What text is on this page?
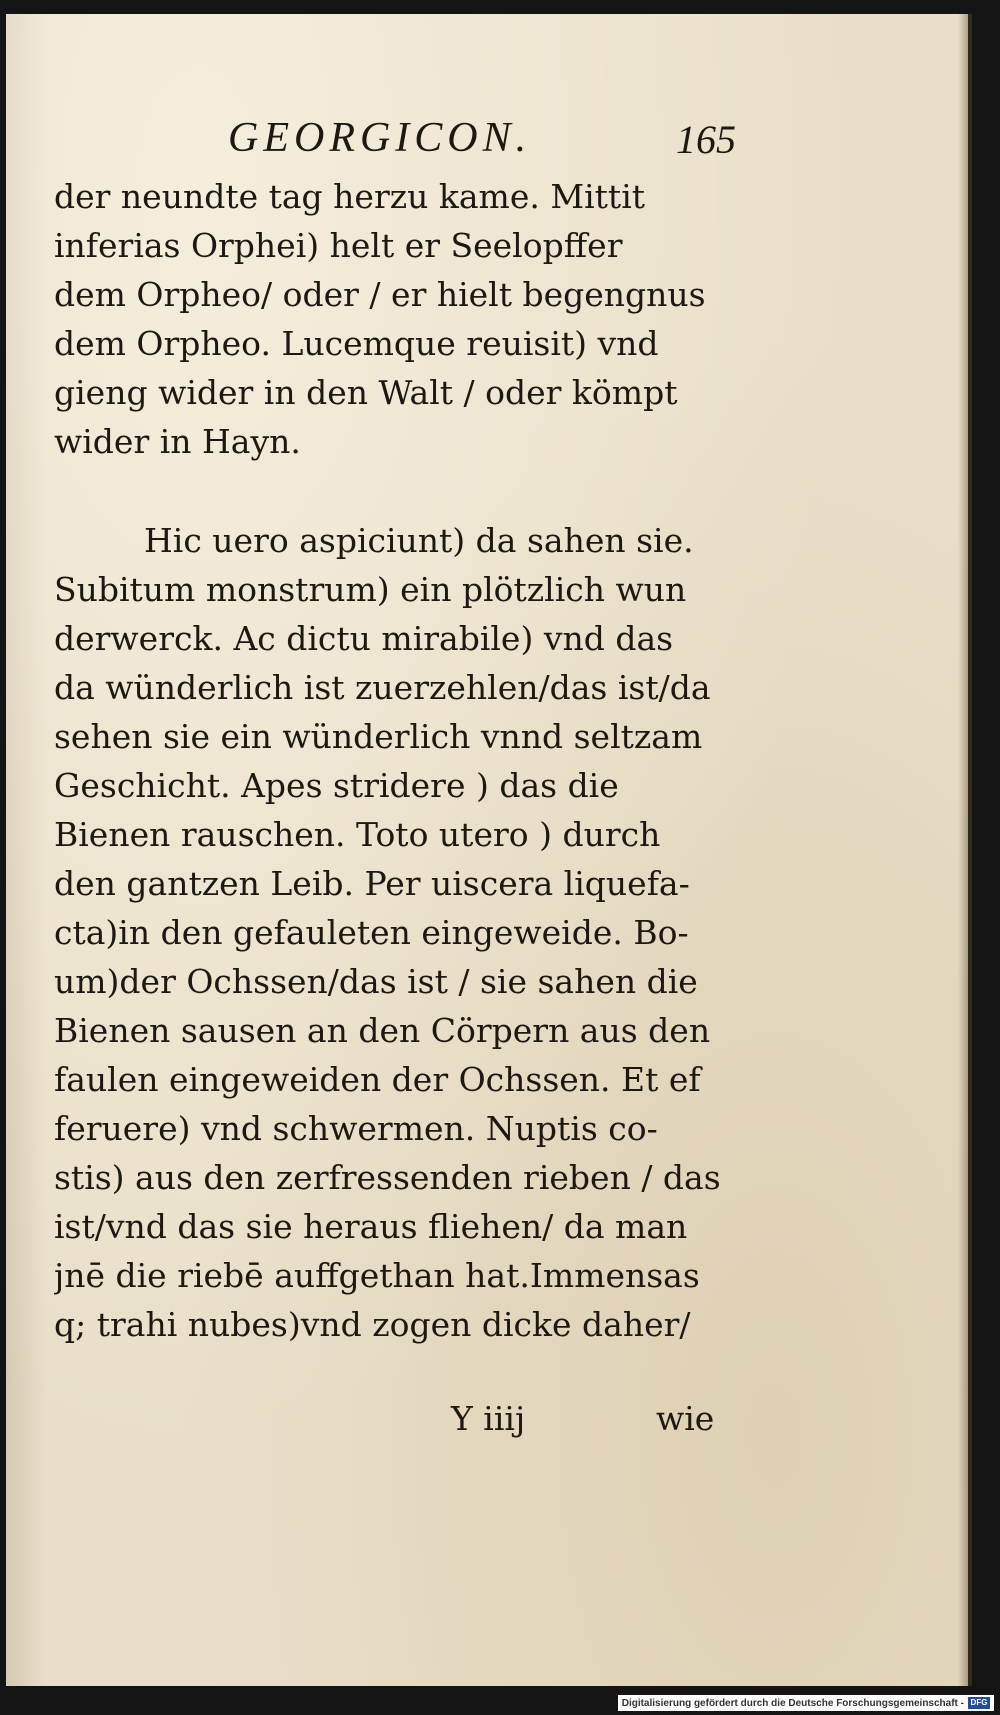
GEORGICON.	165
der neundte tag herzu kame. Mittit
inferias Orphei) helt er Seelopffer
dem Orpheo/ oder / er hielt begengnus
dem Orpheo. Lucemque reuisit) vnd
gieng wider in den Walt / oder kömpt
wider in Hayn.
Hic uero aspiciunt) da sahen sie.
Subitum monstrum) ein plötzlich wun
derwerck. Ac dictu mirabile) vnd das
da wünderlich ist zuerzehlen/das ist/da
sehen sie ein wünderlich vnnd seltzam
Geschicht. Apes stridere ) das die
Bienen rauschen. Toto utero ) durch
den gantzen Leib. Per uiscera liquefa-
cta)in den gefauleten eingeweide. Bo-
um)der Ochssen/das ist / sie sahen die
Bienen sausen an den Cörpern aus den
faulen eingeweiden der Ochssen. Et ef
feruere) vnd schwermen. Nuptis co-
stis) aus den zerfressenden rieben / das
ist/vnd das sie heraus fliehen/ da man
jnē die riebē auffgethan hat.Immensas
q; trahi nubes)vnd zogen dicke daher/
Y iiij	wie
Digitalisierung gefördert durch die Deutsche Forschungsgemeinschaft - DFG
